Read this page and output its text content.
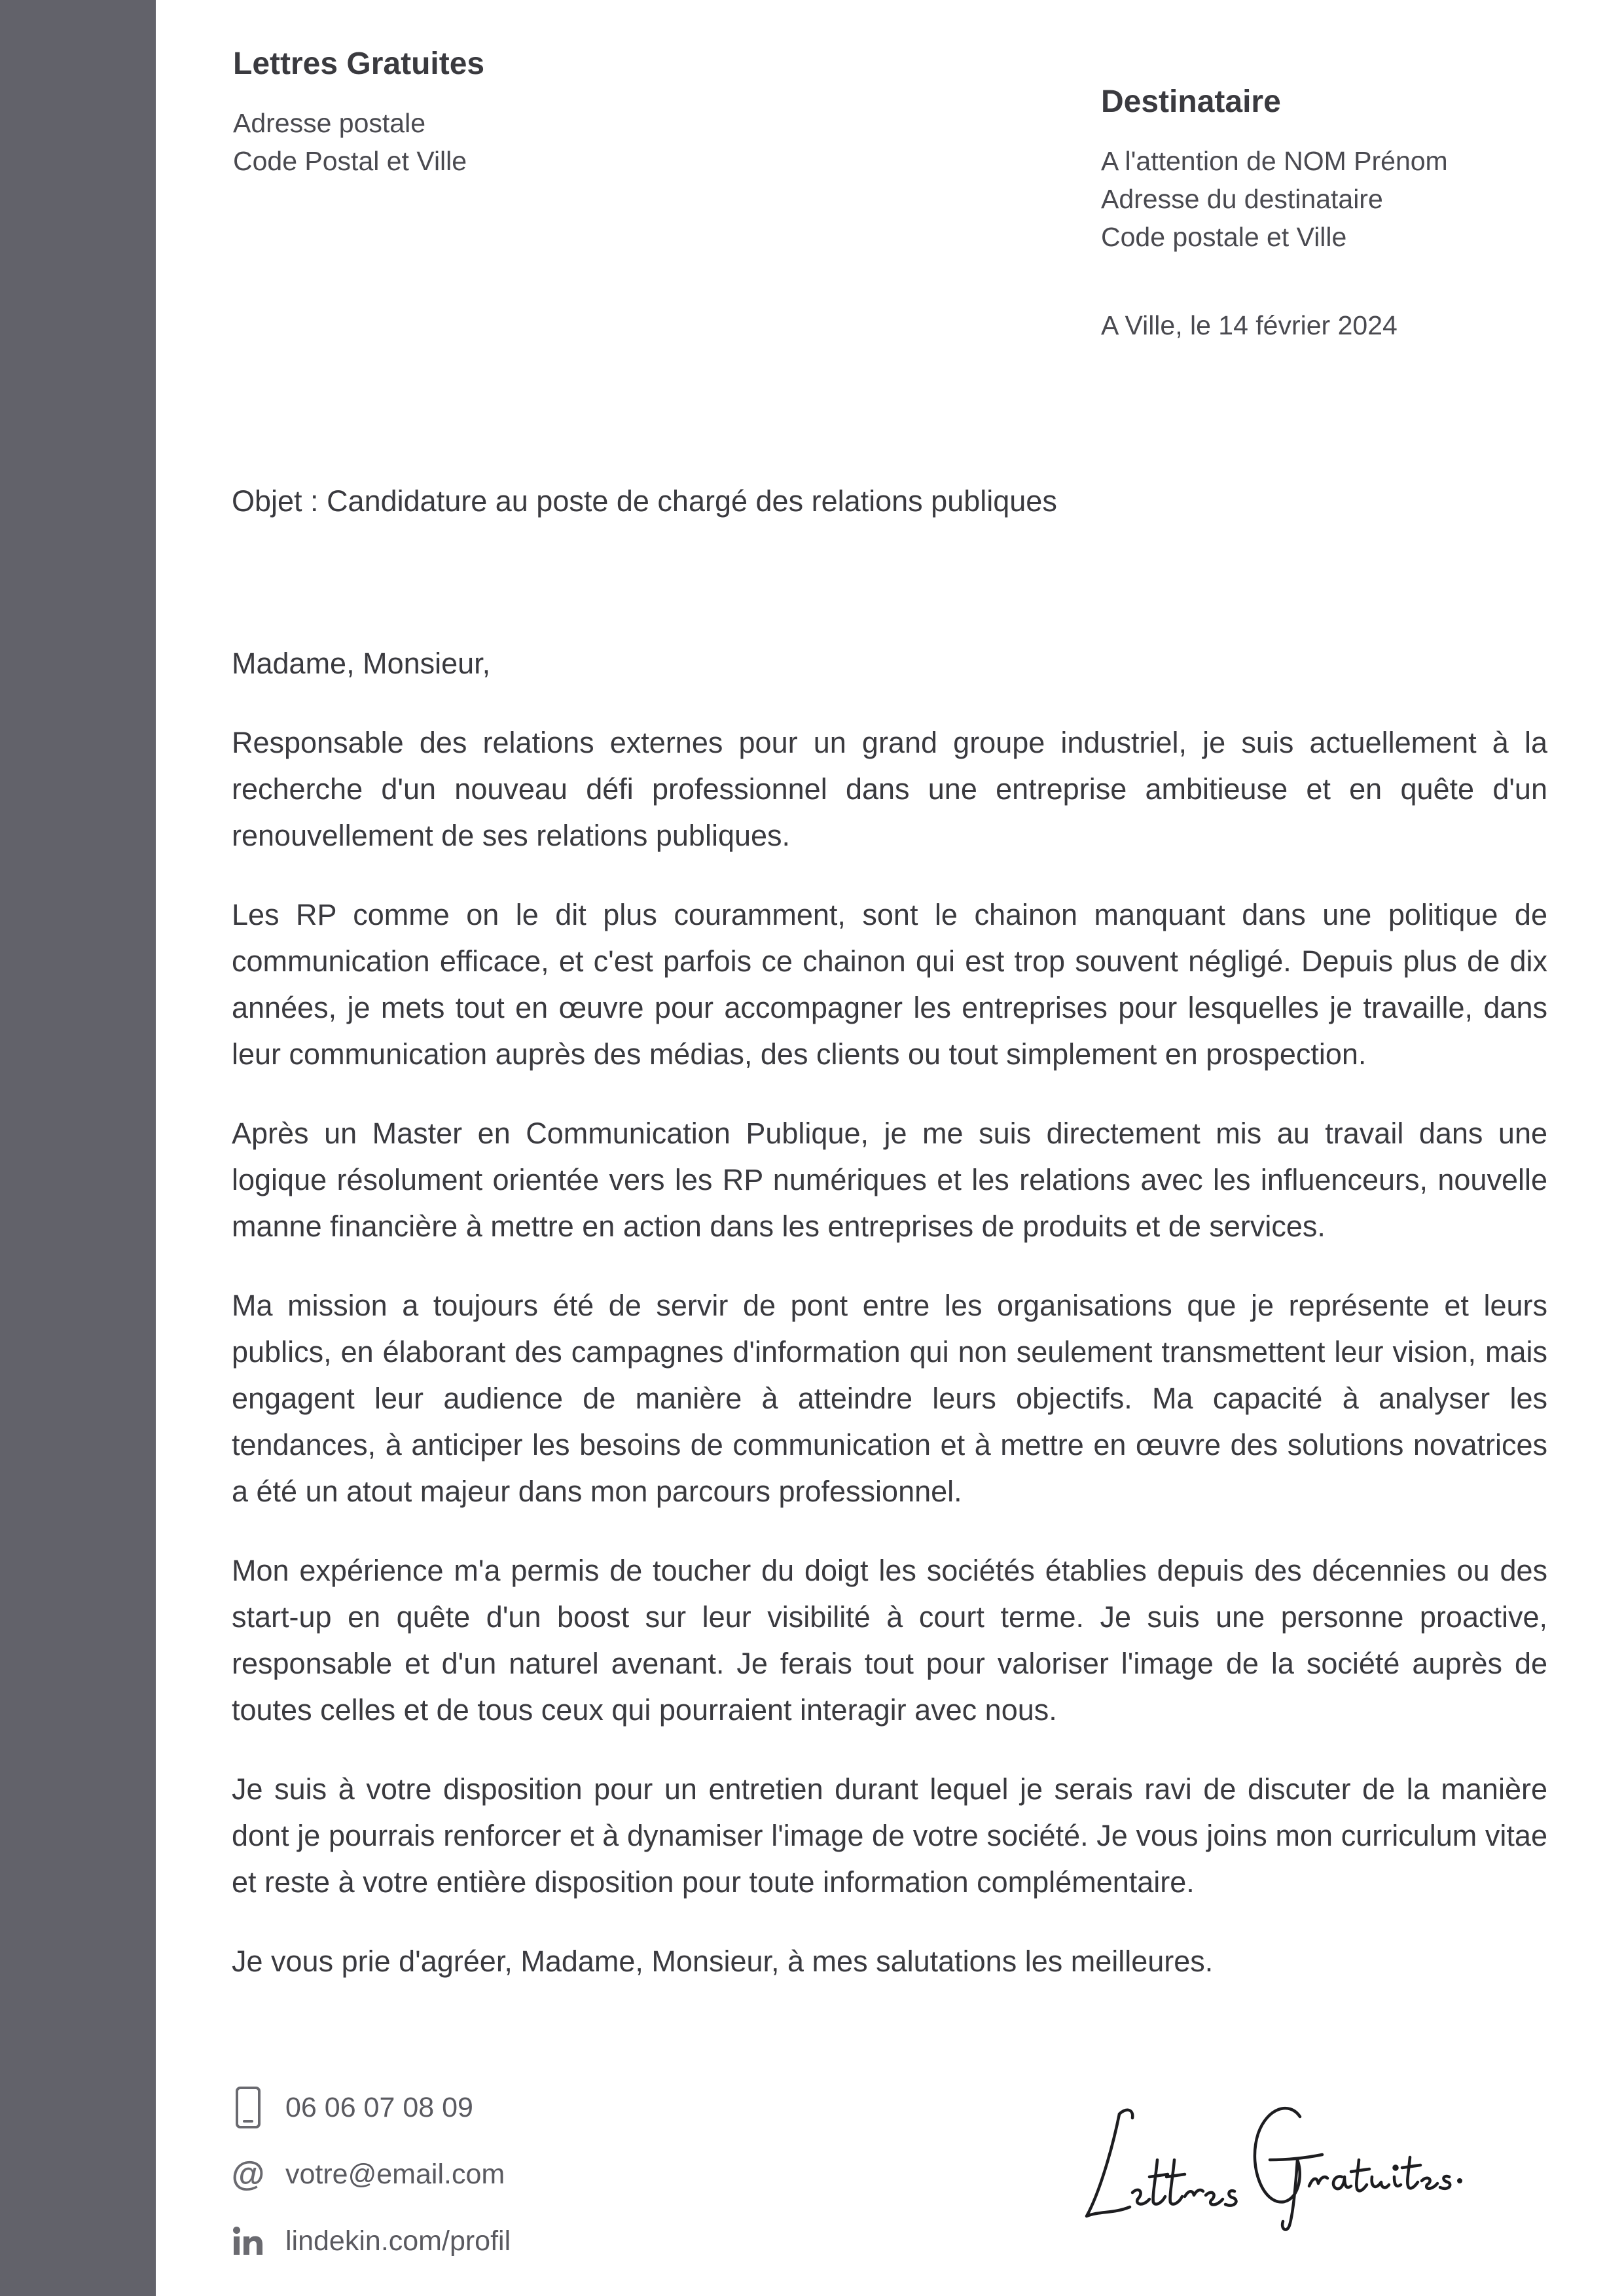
Lettres Gratuites
Adresse postale
Code Postal et Ville
Destinataire
A l'attention de NOM Prénom
Adresse du destinataire
Code postale et Ville
A Ville, le 14 février 2024
Objet : Candidature au poste de chargé des relations publiques

Madame, Monsieur,

Responsable des relations externes pour un grand groupe industriel, je suis actuellement à la recherche d'un nouveau défi professionnel dans une entreprise ambitieuse et en quête d'un renouvellement de ses relations publiques.

Les RP comme on le dit plus couramment, sont le chainon manquant dans une politique de communication efficace, et c'est parfois ce chainon qui est trop souvent négligé. Depuis plus de dix années, je mets tout en œuvre pour accompagner les entreprises pour lesquelles je travaille, dans leur communication auprès des médias, des clients ou tout simplement en prospection.

Après un Master en Communication Publique, je me suis directement mis au travail dans une logique résolument orientée vers les RP numériques et les relations avec les influenceurs, nouvelle manne financière à mettre en action dans les entreprises de produits et de services.

Ma mission a toujours été de servir de pont entre les organisations que je représente et leurs publics, en élaborant des campagnes d'information qui non seulement transmettent leur vision, mais engagent leur audience de manière à atteindre leurs objectifs. Ma capacité à analyser les tendances, à anticiper les besoins de communication et à mettre en œuvre des solutions novatrices a été un atout majeur dans mon parcours professionnel.

Mon expérience m'a permis de toucher du doigt les sociétés établies depuis des décennies ou des start-up en quête d'un boost sur leur visibilité à court terme. Je suis une personne proactive, responsable et d'un naturel avenant. Je ferais tout pour valoriser l'image de la société auprès de toutes celles et de tous ceux qui pourraient interagir avec nous.

Je suis à votre disposition pour un entretien durant lequel je serais ravi de discuter de la manière dont je pourrais renforcer et à dynamiser l'image de votre société. Je vous joins mon curriculum vitae et reste à votre entière disposition pour toute information complémentaire.

Je vous prie d'agréer, Madame, Monsieur, à mes salutations les meilleures.

06 06 07 08 09
@ votre@email.com
lindekin.com/profil
